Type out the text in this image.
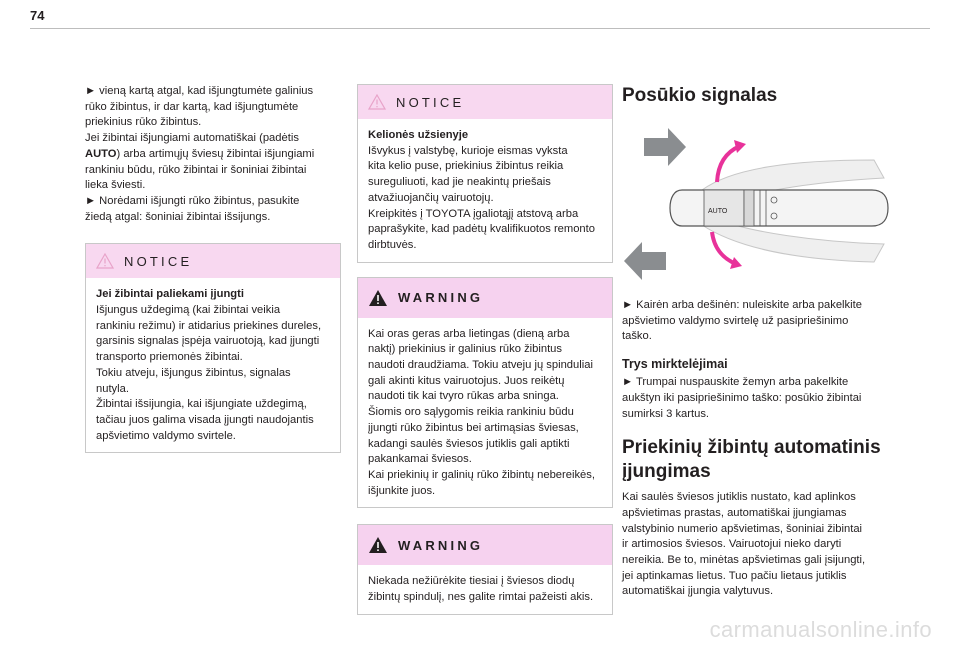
74

► vieną kartą atgal, kad išjungtumėte galinius

rūko žibintus, ir dar kartą, kad išjungtumėte

priekinius rūko žibintus.

Jei žibintai išjungiami automatiškai (padėtis

AUTO) arba artimųjų šviesų žibintai išjungiami

rankiniu būdu, rūko žibintai ir šoniniai žibintai

lieka šviesti.

► Norėdami išjungti rūko žibintus, pasukite

žiedą atgal: šoniniai žibintai išsijungs.

NOTICE

Jei žibintai paliekami įjungti

Išjungus uždegimą (kai žibintai veikia

rankiniu režimu) ir atidarius priekines dureles,

garsinis signalas įspėja vairuotoją, kad įjungti

transporto priemonės žibintai.

Tokiu atveju, išjungus žibintus, signalas

nutyla.

Žibintai išsijungia, kai išjungiate uždegimą,

tačiau juos galima visada įjungti naudojantis

apšvietimo valdymo svirtele.

NOTICE

Kelionės užsienyje

Išvykus į valstybę, kurioje eismas vyksta

kita kelio puse, priekinius žibintus reikia

sureguliuoti, kad jie neakintų priešais

atvažiuojančių vairuotojų.

Kreipkitės į TOYOTA įgaliotąjį atstovą arba

paprašykite, kad padėtų kvalifikuotos remonto

dirbtuvės.

WARNING

Kai oras geras arba lietingas (dieną arba

naktį) priekinius ir galinius rūko žibintus

naudoti draudžiama. Tokiu atveju jų spinduliai

gali akinti kitus vairuotojus. Juos reikėtų

naudoti tik kai tvyro rūkas arba sninga.

Šiomis oro sąlygomis reikia rankiniu būdu

įjungti rūko žibintus bei artimąsias šviesas,

kadangi saulės šviesos jutiklis gali aptikti

pakankamai šviesos.

Kai priekinių ir galinių rūko žibintų nebereikės,

išjunkite juos.

WARNING

Niekada nežiūrėkite tiesiai į šviesos diodų

žibintų spindulį, nes galite rimtai pažeisti akis.

Posūkio signalas
AUTO

► Kairėn arba dešinėn: nuleiskite arba pakelkite

apšvietimo valdymo svirtelę už pasipriešinimo

taško.

Trys mirktelėjimai

► Trumpai nuspauskite žemyn arba pakelkite

aukštyn iki pasipriešinimo taško: posūkio žibintai

sumirksi 3 kartus.

Priekinių žibintų automatinis
įjungimas

Kai saulės šviesos jutiklis nustato, kad aplinkos

apšvietimas prastas, automatiškai įjungiamas

valstybinio numerio apšvietimas, šoniniai žibintai

ir artimosios šviesos. Vairuotojui nieko daryti

nereikia. Be to, minėtas apšvietimas gali įsijungti,

jei aptinkamas lietus. Tuo pačiu lietaus jutiklis

automatiškai įjungia valytuvus.

carmanualsonline.info
